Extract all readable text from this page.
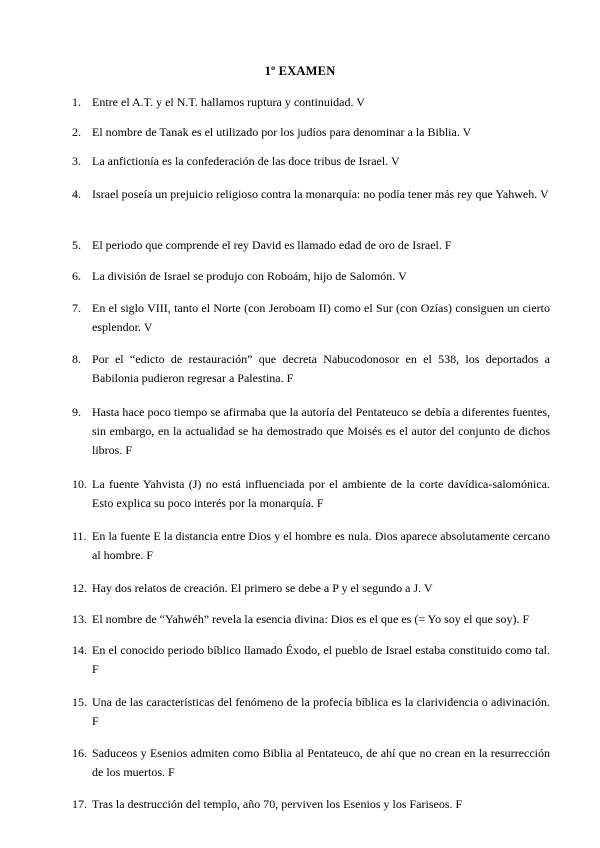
1º EXAMEN
1. Entre el A.T. y el N.T. hallamos ruptura y continuidad. V
2. El nombre de Tanak es el utilizado por los judíos para denominar a la Biblia. V
3. La anfictionía es la confederación de las doce tribus de Israel. V
4. Israel poseía un prejuicio religioso contra la monarquía: no podía tener más rey que Yahweh. V
5. El periodo que comprende el rey David es llamado edad de oro de Israel. F
6. La división de Israel se produjo con Roboám, hijo de Salomón. V
7. En el siglo VIII, tanto el Norte (con Jeroboam II) como el Sur (con Ozías) consiguen un cierto esplendor. V
8. Por el “edicto de restauración” que decreta Nabucodonosor en el 538, los deportados a Babilonia pudieron regresar a Palestina. F
9. Hasta hace poco tiempo se afirmaba que la autoría del Pentateuco se debía a diferentes fuentes, sin embargo, en la actualidad se ha demostrado que Moisés es el autor del conjunto de dichos libros. F
10. La fuente Yahvista (J) no está influenciada por el ambiente de la corte davídica-salomónica. Esto explica su poco interés por la monarquía. F
11. En la fuente E la distancia entre Dios y el hombre es nula. Dios aparece absolutamente cercano al hombre. F
12. Hay dos relatos de creación. El primero se debe a P y el segundo a J. V
13. El nombre de “Yahwéh” revela la esencia divina: Dios es el que es (= Yo soy el que soy). F
14. En el conocido periodo bíblico llamado Éxodo, el pueblo de Israel estaba constituido como tal. F
15. Una de las características del fenómeno de la profecía bíblica es la clarividencia o adivinación. F
16. Saduceos y Esenios admiten como Biblia al Pentateuco, de ahí que no crean en la resurrección de los muertos. F
17. Tras la destrucción del templo, año 70, perviven los Esenios y los Fariseos. F
